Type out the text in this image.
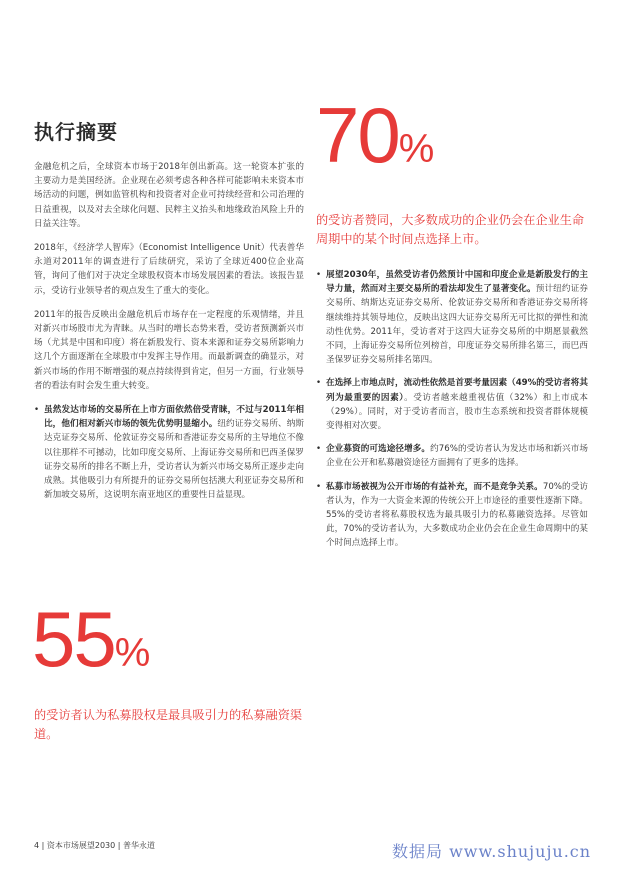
执行摘要

金融危机之后，全球资本市场于2018年创出新高。这一轮资本扩张的主要动力是美国经济。企业现在必须考虑各种各样可能影响未来资本市场活动的问题，例如监管机构和投资者对企业可持续经营和公司治理的日益重视，以及对去全球化问题、民粹主义抬头和地缘政治风险上升的日益关注等。

2018年，《经济学人智库》（Economist Intelligence Unit）代表普华永道对2011年的调查进行了后续研究，采访了全球近400位企业高管，询问了他们对于决定全球股权资本市场发展因素的看法。该报告显示，受访行业领导者的观点发生了重大的变化。

2011年的报告反映出金融危机后市场存在一定程度的乐观情绪，并且对新兴市场股市尤为青睐。从当时的增长态势来看，受访者预测新兴市场（尤其是中国和印度）将在新股发行、资本来源和证券交易所影响力这几个方面逐渐在全球股市中发挥主导作用。而最新调查的确显示，对新兴市场的作用不断增强的观点持续得到肯定，但另一方面，行业领导者的看法有时会发生重大转变。

• 虽然发达市场的交易所在上市方面依然倍受青睐，不过与2011年相比，他们相对新兴市场的领先优势明显缩小。纽约证券交易所、纳斯达克证券交易所、伦敦证券交易所和香港证券交易所的主导地位不像以往那样不可撼动，比如印度交易所、上海证券交易所和巴西圣保罗证券交易所的排名不断上升，受访者认为新兴市场交易所正逐步走向成熟。其他吸引力有所提升的证券交易所包括澳大利亚证券交易所和新加坡交易所，这说明东南亚地区的重要性日益显现。
70%
的受访者赞同，大多数成功的企业仍会在企业生命周期中的某个时间点选择上市。
• 展望2030年，虽然受访者仍然预计中国和印度企业是新股发行的主导力量，然而对主要交易所的看法却发生了显著变化。预计纽约证券交易所、纳斯达克证券交易所、伦敦证券交易所和香港证券交易所将继续维持其领导地位，反映出这四大证券交易所无可比拟的弹性和流动性优势。2011年，受访者对于这四大证券交易所的中期愿景截然不同，上海证券交易所位列榜首，印度证券交易所排名第三，而巴西圣保罗证券交易所排名第四。
• 在选择上市地点时，流动性依然是首要考量因素（49%的受访者将其列为最重要的因素）。受访者越来越重视估值（32%）和上市成本（29%）。同时，对于受访者而言，股市生态系统和投资者群体规模变得相对次要。
• 企业募资的可选途径增多。约76%的受访者认为发达市场和新兴市场企业在公开和私募融资途径方面拥有了更多的选择。
• 私募市场被视为公开市场的有益补充，而不是竞争关系。70%的受访者认为，作为一大资金来源的传统公开上市途径的重要性逐渐下降。55%的受访者将私募股权选为最具吸引力的私募融资选择。尽管如此，70%的受访者认为，大多数成功企业仍会在企业生命周期中的某个时间点选择上市。
55%
的受访者认为私募股权是最具吸引力的私募融资渠道。
4 | 资本市场展望2030 | 普华永道	数据局 www.shujuju.cn
